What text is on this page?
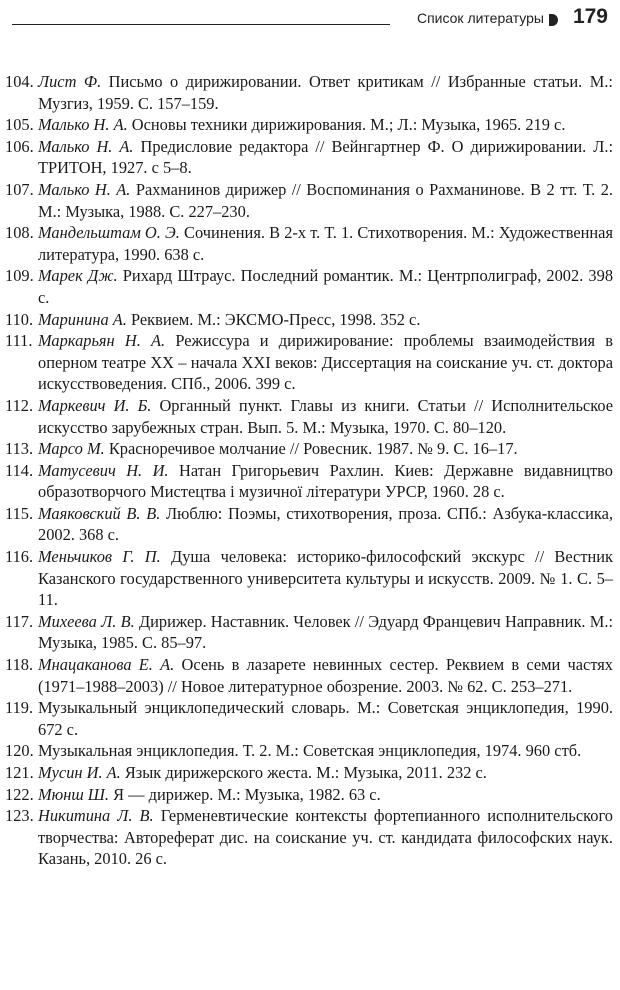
Список литературы 179
104. Лист Ф. Письмо о дирижировании. Ответ критикам // Избранные статьи. М.: Музгиз, 1959. С. 157–159.
105. Малько Н. А. Основы техники дирижирования. М.; Л.: Музыка, 1965. 219 с.
106. Малько Н. А. Предисловие редактора // Вейнгартнер Ф. О дирижировании. Л.: ТРИТОН, 1927. с 5–8.
107. Малько Н. А. Рахманинов дирижер // Воспоминания о Рахманинове. В 2 тт. Т. 2. М.: Музыка, 1988. С. 227–230.
108. Мандельштам О. Э. Сочинения. В 2-х т. Т. 1. Стихотворения. М.: Художественная литература, 1990. 638 с.
109. Марек Дж. Рихард Штраус. Последний романтик. М.: Центрполиграф, 2002. 398 с.
110. Маринина А. Реквием. М.: ЭКСМО-Пресс, 1998. 352 с.
111. Маркарьян Н. А. Режиссура и дирижирование: проблемы взаимодействия в оперном театре XX – начала XXI веков: Диссертация на соискание уч. ст. доктора искусствоведения. СПб., 2006. 399 с.
112. Маркевич И. Б. Органный пункт. Главы из книги. Статьи // Исполнительское искусство зарубежных стран. Вып. 5. М.: Музыка, 1970. С. 80–120.
113. Марсо М. Красноречивое молчание // Ровесник. 1987. № 9. С. 16–17.
114. Матусевич Н. И. Натан Григорьевич Рахлин. Киев: Державне видавництво образотворчого Мистецтва і музичної літератури УРСР, 1960. 28 с.
115. Маяковский В. В. Люблю: Поэмы, стихотворения, проза. СПб.: Азбука-классика, 2002. 368 с.
116. Меньчиков Г. П. Душа человека: историко-философский экскурс // Вестник Казанского государственного университета культуры и искусств. 2009. № 1. С. 5–11.
117. Михеева Л. В. Дирижер. Наставник. Человек // Эдуард Францевич Направник. М.: Музыка, 1985. С. 85–97.
118. Мнацаканова Е. А. Осень в лазарете невинных сестер. Реквием в семи частях (1971–1988–2003) // Новое литературное обозрение. 2003. № 62. С. 253–271.
119. Музыкальный энциклопедический словарь. М.: Советская энциклопедия, 1990. 672 с.
120. Музыкальная энциклопедия. Т. 2. М.: Советская энциклопедия, 1974. 960 стб.
121. Мусин И. А. Язык дирижерского жеста. М.: Музыка, 2011. 232 с.
122. Мюнш Ш. Я — дирижер. М.: Музыка, 1982. 63 с.
123. Никитина Л. В. Герменевтические контексты фортепианного исполнительского творчества: Автореферат дис. на соискание уч. ст. кандидата философских наук. Казань, 2010. 26 с.
